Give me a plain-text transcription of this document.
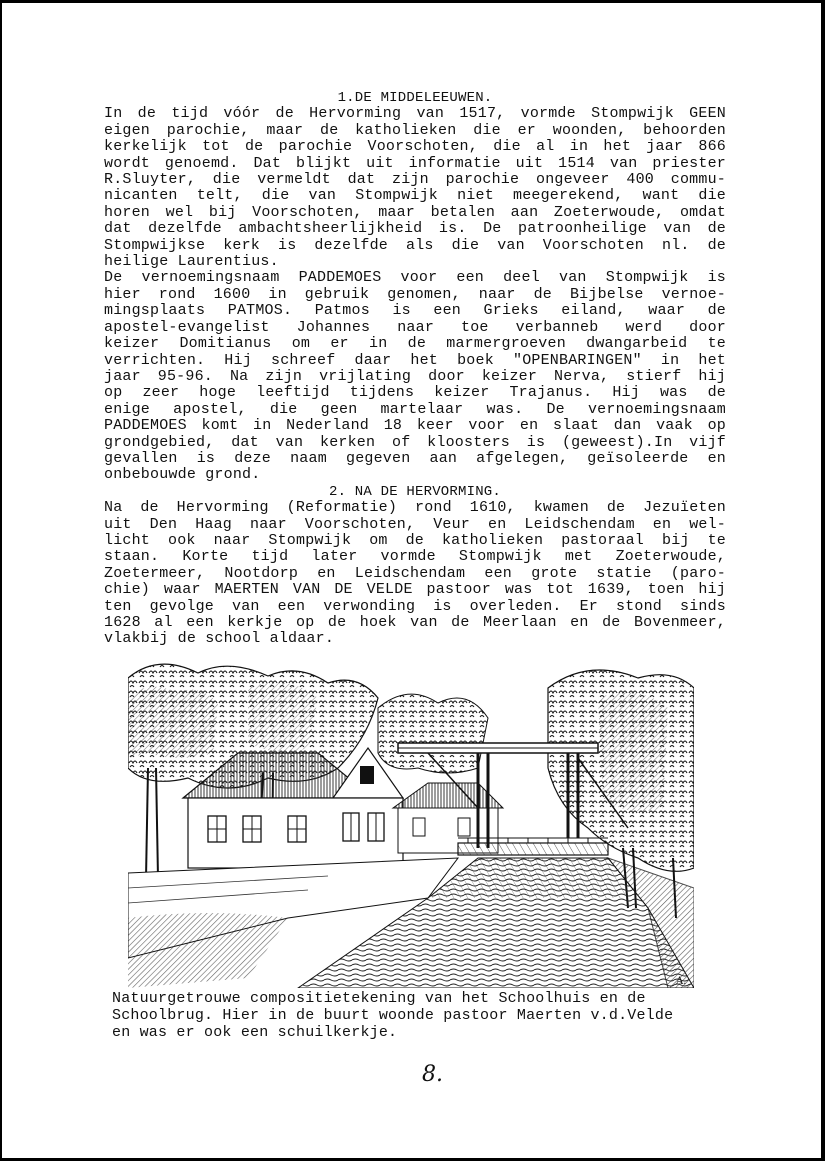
1.DE MIDDELEEUWEN.
In de tijd vóór de Hervorming van 1517, vormde Stompwijk GEEN
eigen parochie, maar de katholieken die er woonden, behoorden
kerkelijk tot de parochie Voorschoten, die al in het jaar 866
wordt genoemd. Dat blijkt uit informatie uit 1514 van priester
R.Sluyter, die vermeldt dat zijn parochie ongeveer 400 commu-
nicanten telt, die van Stompwijk niet meegerekend, want die
horen wel bij Voorschoten, maar betalen aan Zoeterwoude, omdat
dat dezelfde ambachtsheerlijkheid is. De patroonheilige van de
Stompwijkse kerk is dezelfde als die van Voorschoten nl. de
heilige Laurentius.
De vernoemingsnaam PADDEMOES voor een deel van Stompwijk is
hier rond 1600 in gebruik genomen, naar de Bijbelse vernoe-
mingsplaats PATMOS. Patmos is een Grieks eiland, waar de
apostel-evangelist Johannes naar toe verbanneb werd door
keizer Domitianus om er in de marmergroeven dwangarbeid te
verrichten. Hij schreef daar het boek "OPENBARINGEN" in het
jaar 95-96. Na zijn vrijlating door keizer Nerva, stierf hij
op zeer hoge leeftijd tijdens keizer Trajanus. Hij was de
enige apostel, die geen martelaar was. De vernoemingsnaam
PADDEMOES komt in Nederland 18 keer voor en slaat dan vaak op
grondgebied, dat van kerken of kloosters is (geweest).In vijf
gevallen is deze naam gegeven aan afgelegen, geïsoleerde en
onbebouwde grond.
2. NA DE HERVORMING.
Na de Hervorming (Reformatie) rond 1610, kwamen de Jezuïeten
uit Den Haag naar Voorschoten, Veur en Leidschendam en wel-
licht ook naar Stompwijk om de katholieken pastoraal bij te
staan. Korte tijd later vormde Stompwijk met Zoeterwoude,
Zoetermeer, Nootdorp en Leidschendam een grote statie (paro-
chie) waar MAERTEN VAN DE VELDE pastoor was tot 1639, toen hij
ten gevolge van een verwonding is overleden. Er stond sinds
1628 al een kerkje op de hoek van de Meerlaan en de Bovenmeer,
vlakbij de school aldaar.
A.
Natuurgetrouwe compositietekening van het Schoolhuis en de
Schoolbrug. Hier in de buurt woonde pastoor Maerten v.d.Velde
en was er ook een schuilkerkje.
8.
